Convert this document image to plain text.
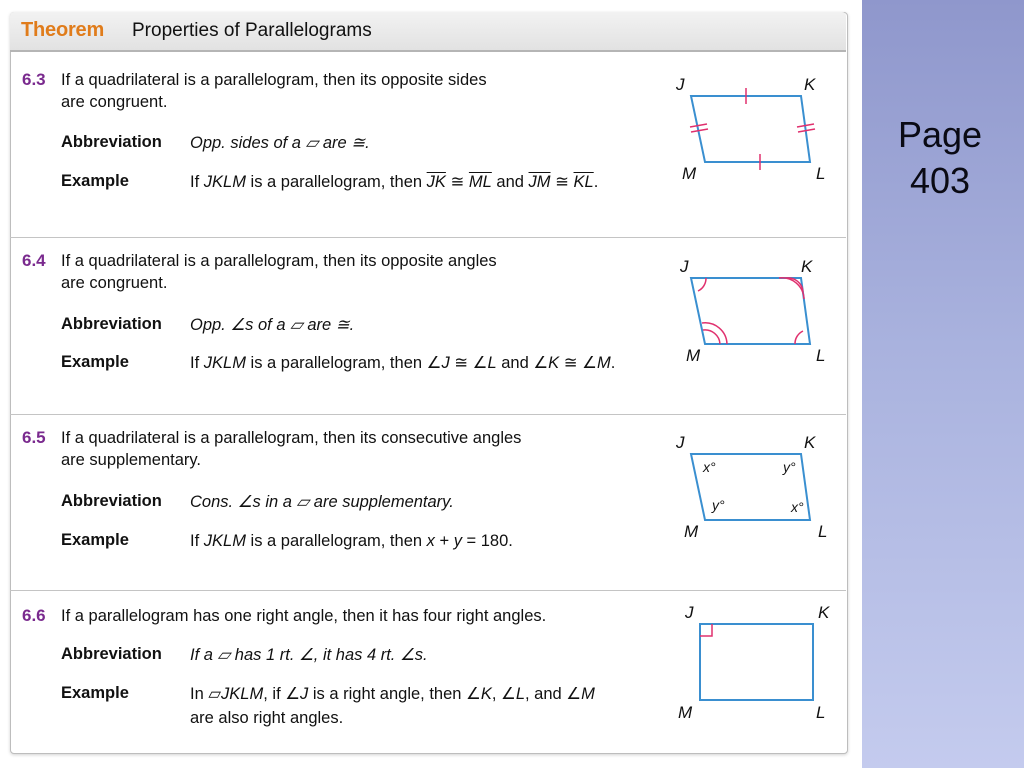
Page
403
Theorem Properties of Parallelograms
6.3 If a quadrilateral is a parallelogram, then its opposite sides
are congruent.
Abbreviation Opp. sides of a ▱ are ≅.
Example	If JKLM is a parallelogram, then $\overline{JK}$ ≅ $\overline{ML}$ and $\overline{JM}$ ≅ $\overline{KL}$.
J	K
L
M
6.4 If a quadrilateral is a parallelogram, then its opposite angles
are congruent.
Abbreviation Opp. ∠s of a ▱ are ≅.
Example	If JKLM is a parallelogram, then ∠J ≅ ∠L and ∠K ≅ ∠M.
J	K
L
M
6.5 If a quadrilateral is a parallelogram, then its consecutive angles
are supplementary.
Abbreviation Cons. ∠s in a ▱ are supplementary.
Example	If JKLM is a parallelogram, then x + y = 180.
x°	y°
y°	x°
J	K
L
M
6.6 If a parallelogram has one right angle, then it has four right angles.
Abbreviation If a ▱ has 1 rt. ∠, it has 4 rt. ∠s.
Example	In ▱JKLM, if ∠J is a right angle, then ∠K, ∠L, and ∠M
are also right angles.
J	K
L
M
